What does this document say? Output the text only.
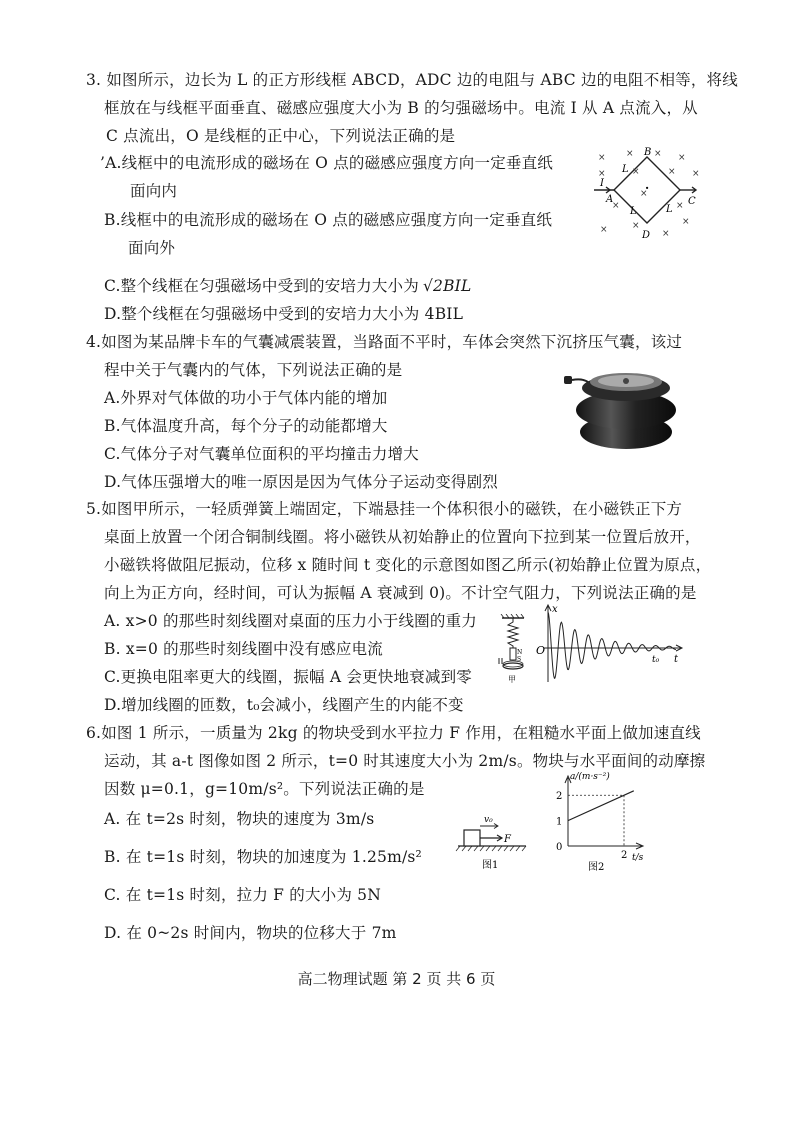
3. 如图所示，边长为 L 的正方形线框 ABCD，ADC 边的电阻与 ABC 边的电阻不相等，将线
框放在与线框平面垂直、磁感应强度大小为 B 的匀强磁场中。电流 I 从 A 点流入，从
C 点流出，O 是线框的正中心，下列说法正确的是
’A.线框中的电流形成的磁场在 O 点的磁感应强度方向一定垂直纸
面向内
B.线框中的电流形成的磁场在 O 点的磁感应强度方向一定垂直纸
面向外
C.整个线框在匀强磁场中受到的安培力大小为 √2BIL
D.整个线框在匀强磁场中受到的安培力大小为 4BIL
× × × ×
×	×	× ×
×
×
×
×	×
×
×
B
A	C
D
I
L
L	L
·
4.如图为某品牌卡车的气囊减震装置，当路面不平时，车体会突然下沉挤压气囊，该过
程中关于气囊内的气体，下列说法正确的是
A.外界对气体做的功小于气体内能的增加
B.气体温度升高，每个分子的动能都增大
C.气体分子对气囊单位面积的平均撞击力增大
D.气体压强增大的唯一原因是因为气体分子运动变得剧烈
5.如图甲所示，一轻质弹簧上端固定，下端悬挂一个体积很小的磁铁，在小磁铁正下方
桌面上放置一个闭合铜制线圈。将小磁铁从初始静止的位置向下拉到某一位置后放开，
小磁铁将做阻尼振动，位移 x 随时间 t 变化的示意图如图乙所示(初始静止位置为原点，
向上为正方向，经时间，可认为振幅 A 衰减到 0)。不计空气阻力，下列说法正确的是
A. x>0 的那些时刻线圈对桌面的压力小于线圈的重力
B. x=0 的那些时刻线圈中没有感应电流
C.更换电阻率更大的线圈，振幅 A 会更快地衰减到零
D.增加线圈的匝数，t₀会减小，线圈产生的内能不变
N
S
甲
x
t
O
t₀
6.如图 1 所示，一质量为 2kg 的物块受到水平拉力 F 作用，在粗糙水平面上做加速直线
运动，其 a-t 图像如图 2 所示，t=0 时其速度大小为 2m/s。物块与水平面间的动摩擦
因数 μ=0.1，g=10m/s²。下列说法正确的是
A. 在 t=2s 时刻，物块的速度为 3m/s
B. 在 t=1s 时刻，物块的加速度为 1.25m/s²
C. 在 t=1s 时刻，拉力 F 的大小为 5N
D. 在 0~2s 时间内，物块的位移大于 7m
v₀
F
图1
a/(m·s⁻²)
t/s
2
1
0
2
图2
高二物理试题 第 2 页 共 6 页
